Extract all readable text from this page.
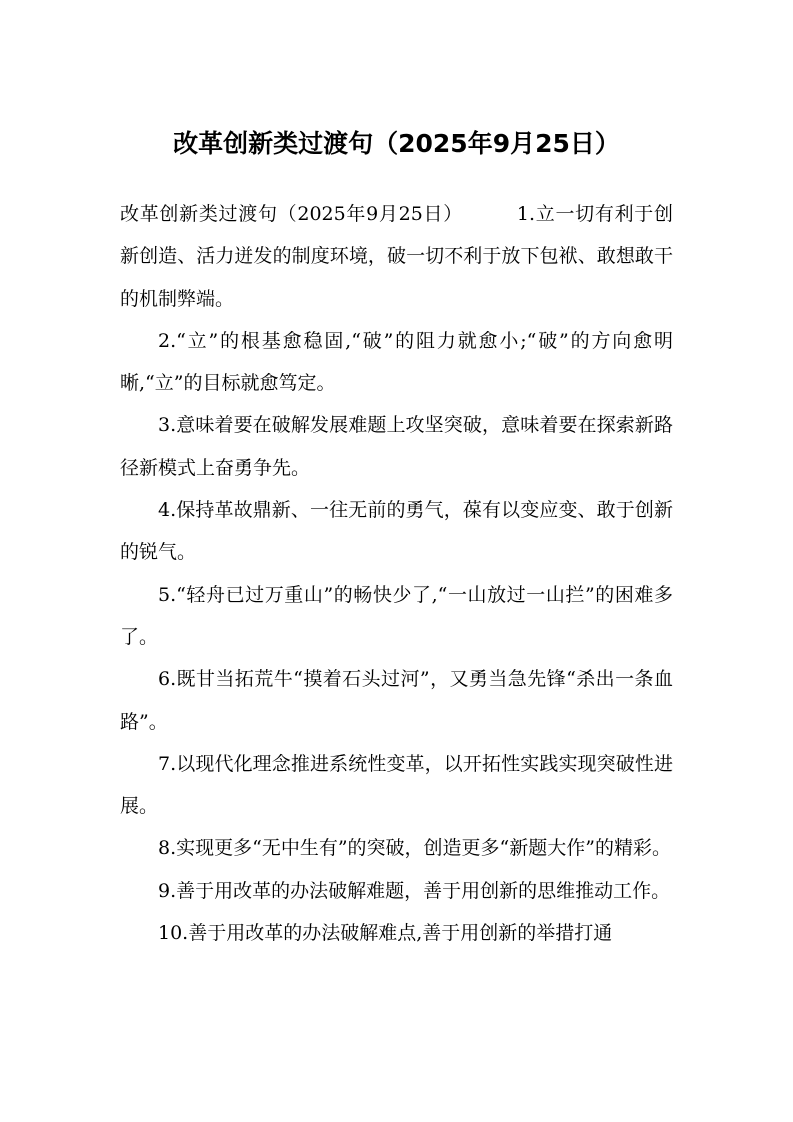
改革创新类过渡句（2025年9月25日）

改革创新类过渡句（2025年9月25日）	1.立一切有利于创新创造、活力迸发的制度环境，破一切不利于放下包袱、敢想敢干的机制弊端。

2.“立”的根基愈稳固,“破”的阻力就愈小;“破”的方向愈明晰,“立”的目标就愈笃定。

3.意味着要在破解发展难题上攻坚突破，意味着要在探索新路径新模式上奋勇争先。

4.保持革故鼎新、一往无前的勇气，葆有以变应变、敢于创新的锐气。

5.“轻舟已过万重山”的畅快少了,“一山放过一山拦”的困难多了。

6.既甘当拓荒牛“摸着石头过河”，又勇当急先锋“杀出一条血路”。

7.以现代化理念推进系统性变革，以开拓性实践实现突破性进展。

8.实现更多“无中生有”的突破，创造更多“新题大作”的精彩。

9.善于用改革的办法破解难题，善于用创新的思维推动工作。

10.善于用改革的办法破解难点,善于用创新的举措打通
